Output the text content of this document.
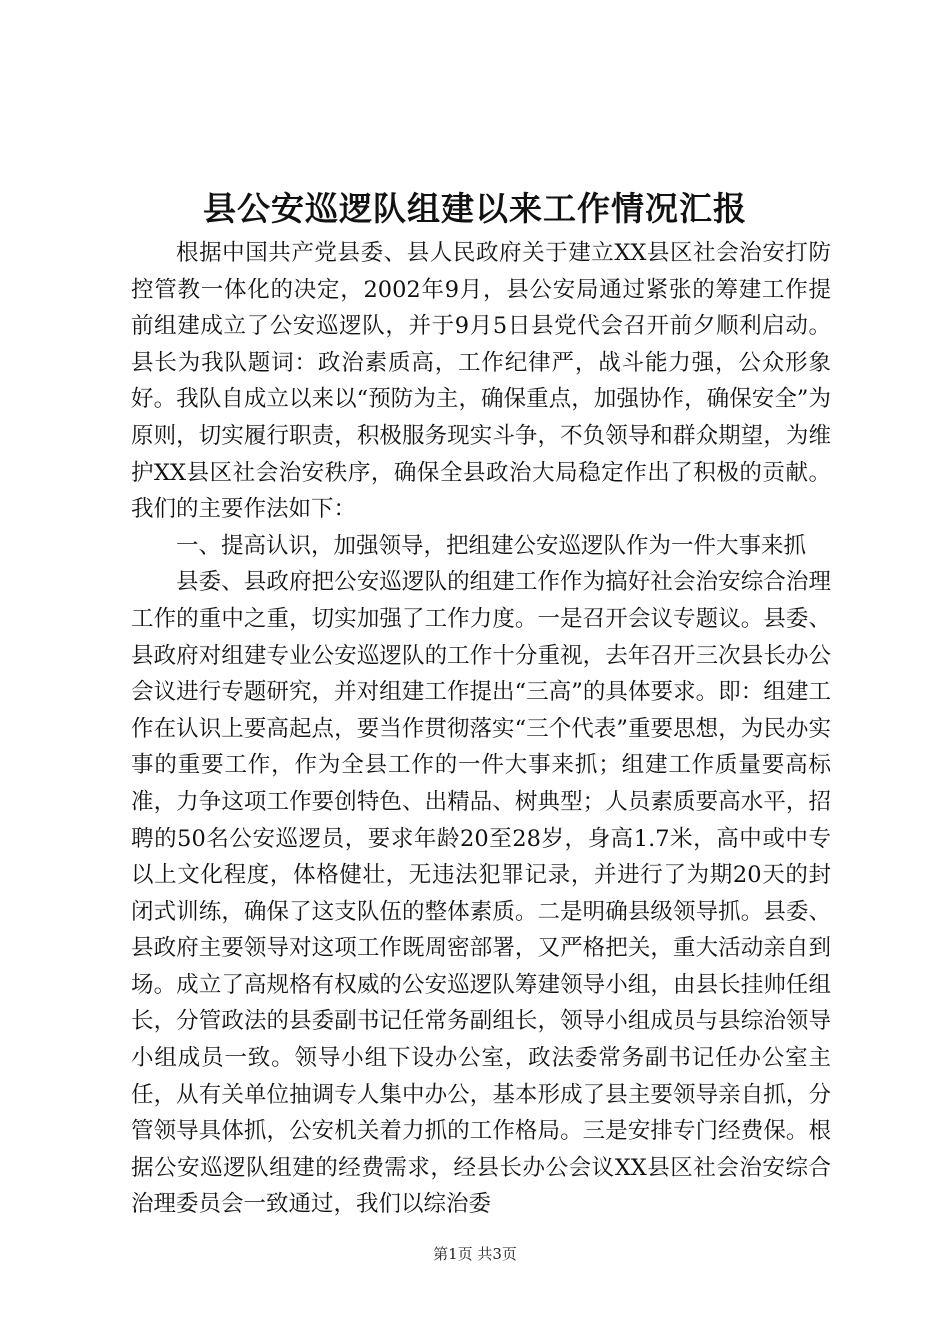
县公安巡逻队组建以来工作情况汇报

根据中国共产党县委、县人民政府关于建立XX县区社会治安打防控管教一体化的决定，2002年9月，县公安局通过紧张的筹建工作提前组建成立了公安巡逻队，并于9月5日县党代会召开前夕顺利启动。县长为我队题词：政治素质高，工作纪律严，战斗能力强，公众形象好。我队自成立以来以“预防为主，确保重点，加强协作，确保安全”为原则，切实履行职责，积极服务现实斗争，不负领导和群众期望，为维护XX县区社会治安秩序，确保全县政治大局稳定作出了积极的贡献。我们的主要作法如下：

一、提高认识，加强领导，把组建公安巡逻队作为一件大事来抓

县委、县政府把公安巡逻队的组建工作作为搞好社会治安综合治理工作的重中之重，切实加强了工作力度。一是召开会议专题议。县委、县政府对组建专业公安巡逻队的工作十分重视，去年召开三次县长办公会议进行专题研究，并对组建工作提出“三高”的具体要求。即：组建工作在认识上要高起点，要当作贯彻落实“三个代表”重要思想，为民办实事的重要工作，作为全县工作的一件大事来抓；组建工作质量要高标准，力争这项工作要创特色、出精品、树典型；人员素质要高水平，招聘的50名公安巡逻员，要求年龄20至28岁，身高1.7米，高中或中专以上文化程度，体格健壮，无违法犯罪记录，并进行了为期20天的封闭式训练，确保了这支队伍的整体素质。二是明确县级领导抓。县委、县政府主要领导对这项工作既周密部署，又严格把关，重大活动亲自到场。成立了高规格有权威的公安巡逻队筹建领导小组，由县长挂帅任组长，分管政法的县委副书记任常务副组长，领导小组成员与县综治领导小组成员一致。领导小组下设办公室，政法委常务副书记任办公室主任，从有关单位抽调专人集中办公，基本形成了县主要领导亲自抓，分管领导具体抓，公安机关着力抓的工作格局。三是安排专门经费保。根据公安巡逻队组建的经费需求，经县长办公会议XX县区社会治安综合治理委员会一致通过，我们以综治委

第1页 共3页
